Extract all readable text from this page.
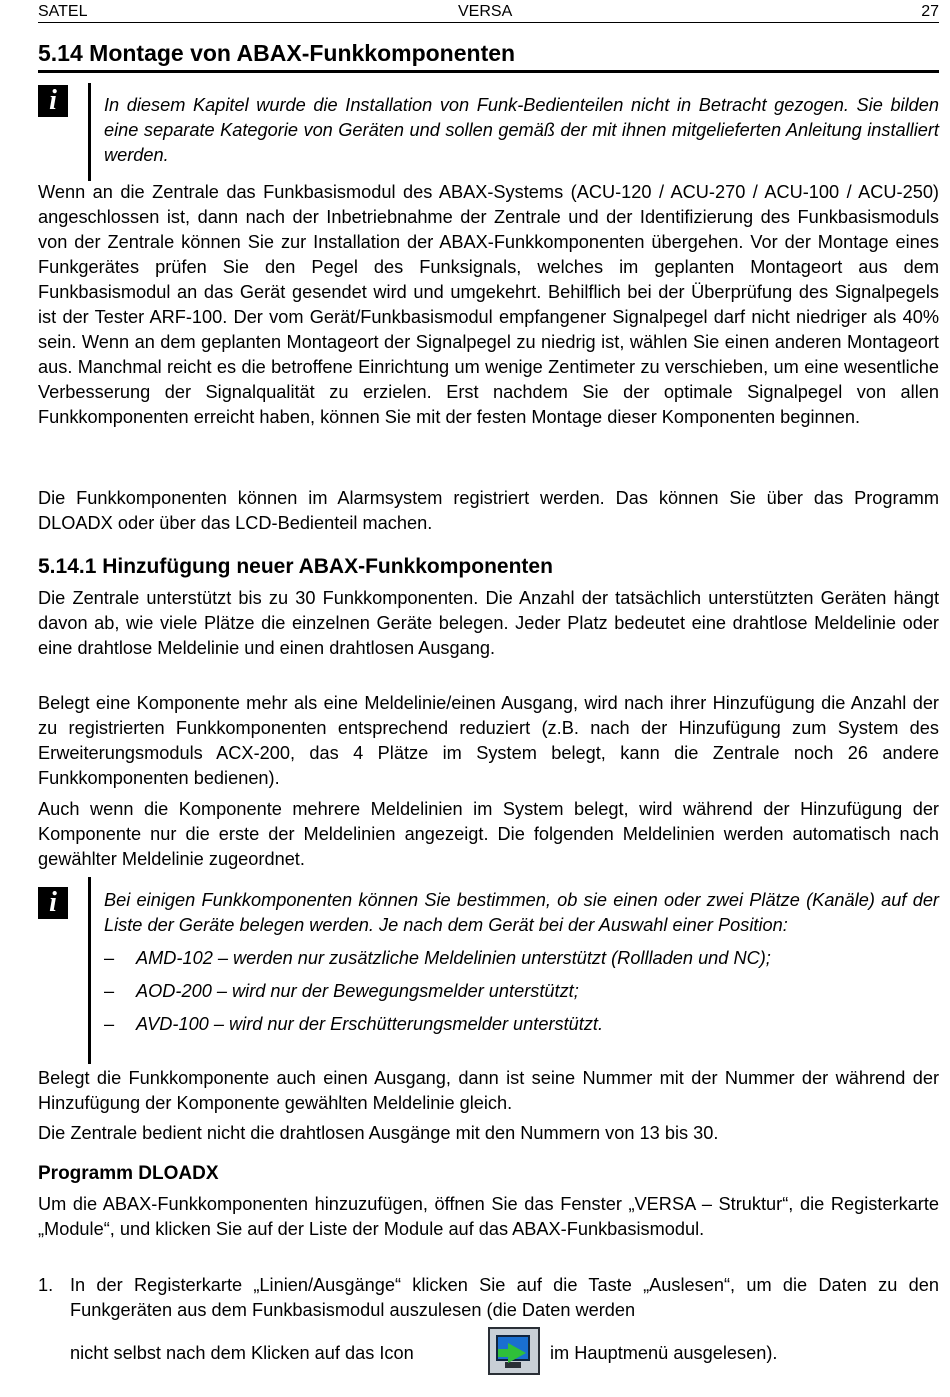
SATEL	VERSA	27
5.14 Montage von ABAX-Funkkomponenten
i	In diesem Kapitel wurde die Installation von Funk-Bedienteilen nicht in Betracht gezogen. Sie bilden eine separate Kategorie von Geräten und sollen gemäß der mit ihnen mitgelieferten Anleitung installiert werden.

Wenn an die Zentrale das Funkbasismodul des ABAX-Systems (ACU-120 / ACU-270 / ACU-100 / ACU-250) angeschlossen ist, dann nach der Inbetriebnahme der Zentrale und der Identifizierung des Funkbasismoduls von der Zentrale können Sie zur Installation der ABAX-Funkkomponenten übergehen. Vor der Montage eines Funkgerätes prüfen Sie den Pegel des Funksignals, welches im geplanten Montageort aus dem Funkbasismodul an das Gerät gesendet wird und umgekehrt. Behilflich bei der Überprüfung des Signalpegels ist der Tester ARF-100. Der vom Gerät/Funkbasismodul empfangener Signalpegel darf nicht niedriger als 40% sein. Wenn an dem geplanten Montageort der Signalpegel zu niedrig ist, wählen Sie einen anderen Montageort aus. Manchmal reicht es die betroffene Einrichtung um wenige Zentimeter zu verschieben, um eine wesentliche Verbesserung der Signalqualität zu erzielen. Erst nachdem Sie der optimale Signalpegel von allen Funkkomponenten erreicht haben, können Sie mit der festen Montage dieser Komponenten beginnen.

Die Funkkomponenten können im Alarmsystem registriert werden. Das können Sie über das Programm DLOADX oder über das LCD-Bedienteil machen.

5.14.1 Hinzufügung neuer ABAX-Funkkomponenten

Die Zentrale unterstützt bis zu 30 Funkkomponenten. Die Anzahl der tatsächlich unterstützten Geräten hängt davon ab, wie viele Plätze die einzelnen Geräte belegen. Jeder Platz bedeutet eine drahtlose Meldelinie oder eine drahtlose Meldelinie und einen drahtlosen Ausgang.

Belegt eine Komponente mehr als eine Meldelinie/einen Ausgang, wird nach ihrer Hinzufügung die Anzahl der zu registrierten Funkkomponenten entsprechend reduziert (z.B. nach der Hinzufügung zum System des Erweiterungsmoduls ACX-200, das 4 Plätze im System belegt, kann die Zentrale noch 26 andere Funkkomponenten bedienen).

Auch wenn die Komponente mehrere Meldelinien im System belegt, wird während der Hinzufügung der Komponente nur die erste der Meldelinien angezeigt. Die folgenden Meldelinien werden automatisch nach gewählter Meldelinie zugeordnet.

i	Bei einigen Funkkomponenten können Sie bestimmen, ob sie einen oder zwei Plätze (Kanäle) auf der Liste der Geräte belegen werden. Je nach dem Gerät bei der Auswahl einer Position:
– AMD-102 – werden nur zusätzliche Meldelinien unterstützt (Rollladen und NC);
– AOD-200 – wird nur der Bewegungsmelder unterstützt;
– AVD-100 – wird nur der Erschütterungsmelder unterstützt.

Belegt die Funkkomponente auch einen Ausgang, dann ist seine Nummer mit der Nummer der während der Hinzufügung der Komponente gewählten Meldelinie gleich.

Die Zentrale bedient nicht die drahtlosen Ausgänge mit den Nummern von 13 bis 30.

Programm DLOADX

Um die ABAX-Funkkomponenten hinzuzufügen, öffnen Sie das Fenster „VERSA – Struktur“, die Registerkarte „Module“, und klicken Sie auf der Liste der Module auf das ABAX-Funkbasismodul.

1. In der Registerkarte „Linien/Ausgänge“ klicken Sie auf die Taste „Auslesen“, um die Daten zu den Funkgeräten aus dem Funkbasismodul auszulesen (die Daten werden
nicht selbst nach dem Klicken auf das Icon	im Hauptmenü ausgelesen).
